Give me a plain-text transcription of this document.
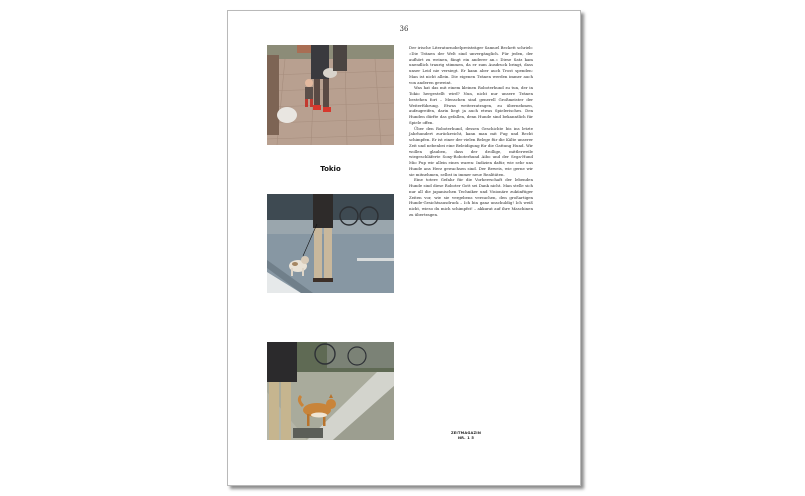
36
Tokio

Der irische Literaturnobelpreisträger Samuel Beckett schrieb: »Die Tränen der Welt sind unvergänglich. Für jeden, der aufhört zu weinen, fängt ein anderer an.« Diese Satz kam unendlich traurig stimmen, da er zum Ausdruck bringt, dass unser Leid nie versiegt. Er kann aber auch Trost spenden: Man ist nicht allein. Die eigenen Tränen werden immer auch von anderen geweint.

Was hat das mit einem kleinen Roboterhund zu tun, der in Tokio hergestellt wird? Nun, nicht nur unsere Tränen bestehen fort – Menschen sind generell Großmeister der Weiterführung. Etwas weiterzutragen, zu übernehmen, aufzugreifen, darin liegt ja auch etwas Spielerisches. Den Hunden dürfte das gefallen, denn Hunde sind bekanntlich für Spiele offen.

Über den Roboterhund, dessen Geschichte bis ins letzte Jahrhundert zurückreicht, kann man mit Fug und Recht schimpfen. Er ist einer der vielen Belege für die Kälte unserer Zeit und nebenbei eine Beleidigung für die Gattung Hund. Wir wollen glauben, dass der drollige, mittlerweile wiegeschläferte Sony-Roboterhund Aibo und der Sega-Hund Mio Pup wir allein eines waren: Indizien dafür, wie sehr uns Hunde ans Herz gewachsen sind. Der Beweis, wie gerne wir sie mitnehmen, selbst in immer neue Realitäten.

Eine totere Gefahr für die Vorherrschaft der lebenden Hunde sind diese Roboter Gott sei Dank nicht. Man stelle sich nur all die japanischen Techniker und Visionäre zukünftiger Zeiten vor, wie sie vergebens versuchen, den großartigen Hunde-Gesichtsausdruck – Ich bin ganz unschuldig! Ich weiß nicht, wieso du mich schimpfst! – akkurat auf ihre Maschinen zu übertragen.

ZEITMAGAZIN
NR. 1 5
